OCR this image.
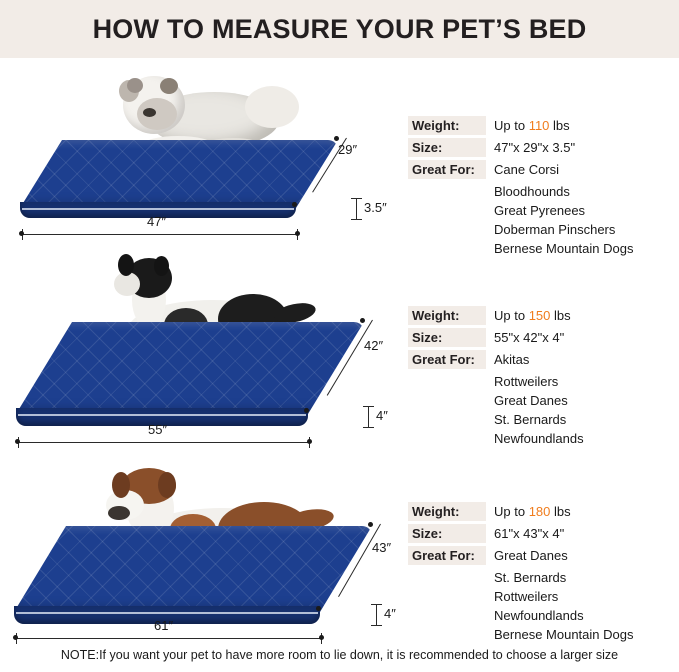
HOW TO MEASURE YOUR PET’S BED
29″
3.5″
47″
Weight:	Up to 110 lbs
Size:	47"x 29"x 3.5"
Great For:	Cane Corsi
Bloodhounds
Great Pyrenees
Doberman Pinschers
Bernese Mountain Dogs
42″
4″
55″
Weight:	Up to 150 lbs
Size:	55"x 42"x 4"
Great For:	Akitas
Rottweilers
Great Danes
St. Bernards
Newfoundlands
43″
4″
61″
Weight:	Up to 180 lbs
Size:	61"x 43"x 4"
Great For:	Great Danes
St. Bernards
Rottweilers
Newfoundlands
Bernese Mountain Dogs
NOTE:If you want your pet to have more room to lie down, it is recommended to choose a larger size
